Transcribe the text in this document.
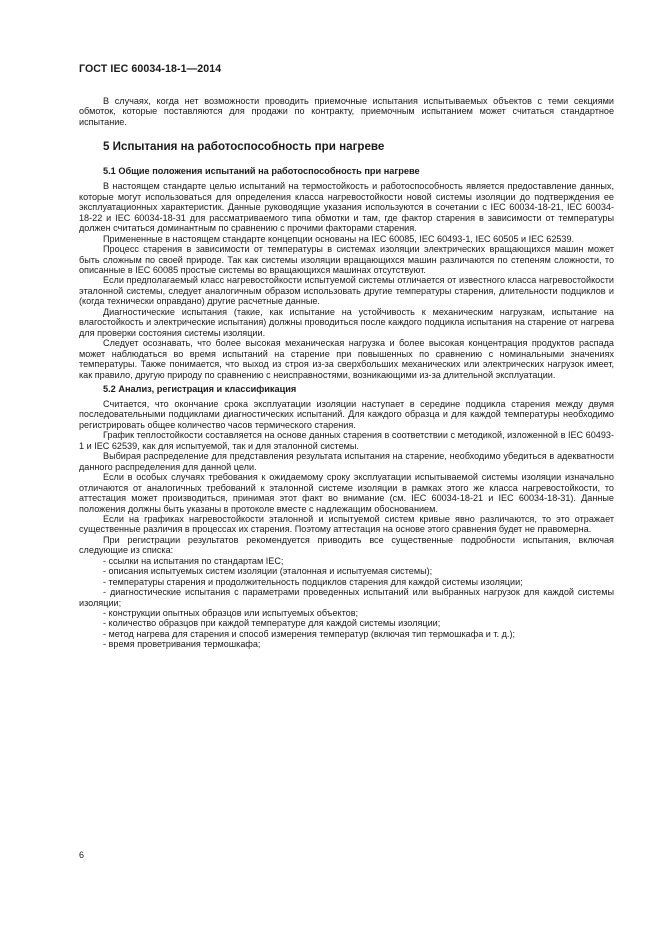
ГОСТ IEC 60034-18-1—2014

В случаях, когда нет возможности проводить приемочные испытания испытываемых объектов с теми секциями обмоток, которые поставляются для продажи по контракту, приемочным испытанием может считаться стандартное испытание.

5 Испытания на работоспособность при нагреве
5.1 Общие положения испытаний на работоспособность при нагреве

В настоящем стандарте целью испытаний на термостойкость и работоспособность является предоставление данных, которые могут использоваться для определения класса нагревостойкости новой системы изоляции до подтверждения ее эксплуатационных характеристик. Данные руководящие указания используются в сочетании с IEC 60034-18-21, IEC 60034-18-22 и IEC 60034-18-31 для рассматриваемого типа обмотки и там, где фактор старения в зависимости от температуры должен считаться доминантным по сравнению с прочими факторами старения.

Примененные в настоящем стандарте концепции основаны на IEC 60085, IEC 60493-1, IEC 60505 и IEC 62539.

Процесс старения в зависимости от температуры в системах изоляции электрических вращающихся машин может быть сложным по своей природе. Так как системы изоляции вращающихся машин различаются по степеням сложности, то описанные в IEC 60085 простые системы во вращающихся машинах отсутствуют.

Если предполагаемый класс нагревостойкости испытуемой системы отличается от известного класса нагревостойкости эталонной системы, следует аналогичным образом использовать другие температуры старения, длительности подциклов и (когда технически оправдано) другие расчетные данные.

Диагностические испытания (такие, как испытание на устойчивость к механическим нагрузкам, испытание на влагостойкость и электрические испытания) должны проводиться после каждого подцикла испытания на старение от нагрева для проверки состояния системы изоляции.

Следует осознавать, что более высокая механическая нагрузка и более высокая концентрация продуктов распада может наблюдаться во время испытаний на старение при повышенных по сравнению с номинальными значениях температуры. Также понимается, что выход из строя из-за сверхбольших механических или электрических нагрузок имеет, как правило, другую природу по сравнению с неисправностями, возникающими из-за длительной эксплуатации.

5.2 Анализ, регистрация и классификация

Считается, что окончание срока эксплуатации изоляции наступает в середине подцикла старения между двумя последовательными подциклами диагностических испытаний. Для каждого образца и для каждой температуры необходимо регистрировать общее количество часов термического старения.

График теплостойкости составляется на основе данных старения в соответствии с методикой, изложенной в IEC 60493-1 и IEC 62539, как для испытуемой, так и для эталонной системы.

Выбирая распределение для представления результата испытания на старение, необходимо убедиться в адекватности данного распределения для данной цели.

Если в особых случаях требования к ожидаемому сроку эксплуатации испытываемой системы изоляции изначально отличаются от аналогичных требований к эталонной системе изоляции в рамках этого же класса нагревостойкости, то аттестация может производиться, принимая этот факт во внимание (см. IEC 60034-18-21 и IEC 60034-18-31). Данные положения должны быть указаны в протоколе вместе с надлежащим обоснованием.

Если на графиках нагревостойкости эталонной и испытуемой систем кривые явно различаются, то это отражает существенные различия в процессах их старения. Поэтому аттестация на основе этого сравнения будет не правомерна.

При регистрации результатов рекомендуется приводить все существенные подробности испытания, включая следующие из списка:

- ссылки на испытания по стандартам IEC;

- описания испытуемых систем изоляции (эталонная и испытуемая системы);

- температуры старения и продолжительность подциклов старения для каждой системы изоляции;

- диагностические испытания с параметрами проведенных испытаний или выбранных нагрузок для каждой системы изоляции;

- конструкции опытных образцов или испытуемых объектов;

- количество образцов при каждой температуре для каждой системы изоляции;

- метод нагрева для старения и способ измерения температур (включая тип термошкафа и т. д.);

- время проветривания термошкафа;

6
